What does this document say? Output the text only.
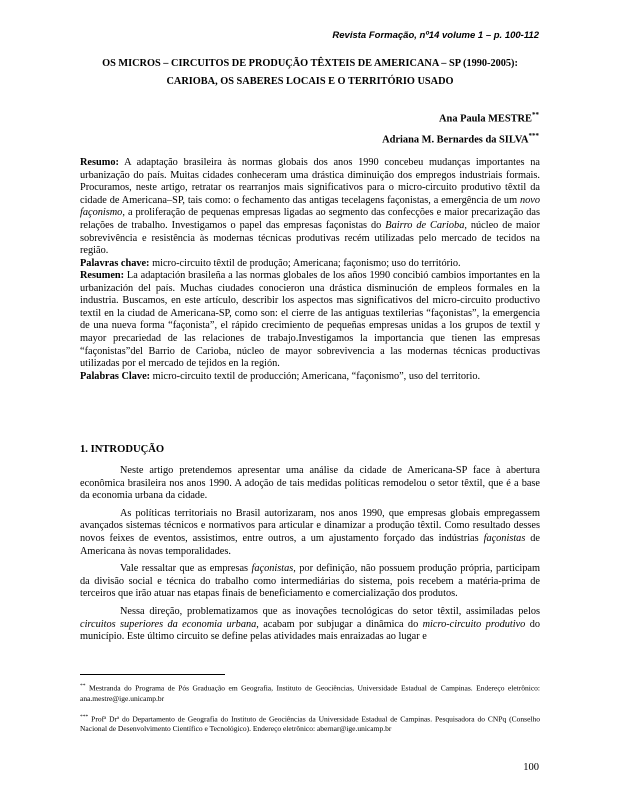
Revista Formação, nº14 volume 1 – p. 100-112
OS MICROS – CIRCUITOS DE PRODUÇÃO TÊXTEIS DE AMERICANA – SP (1990-2005): CARIOBA, OS SABERES LOCAIS E O TERRITÓRIO USADO
Ana Paula MESTRE**
Adriana M. Bernardes da SILVA***

Resumo: A adaptação brasileira às normas globais dos anos 1990 concebeu mudanças importantes na urbanização do país. Muitas cidades conheceram uma drástica diminuição dos empregos industriais formais. Procuramos, neste artigo, retratar os rearranjos mais significativos para o micro-circuito produtivo têxtil da cidade de Americana–SP, tais como: o fechamento das antigas tecelagens façonistas, a emergência de um novo façonismo, a proliferação de pequenas empresas ligadas ao segmento das confecções e maior precarização das relações de trabalho. Investigamos o papel das empresas façonistas do Bairro de Carioba, núcleo de maior sobrevivência e resistência às modernas técnicas produtivas recém utilizadas pelo mercado de tecidos na região.

Palavras chave: micro-circuito têxtil de produção; Americana; façonismo; uso do território.

Resumen: La adaptación brasileña a las normas globales de los años 1990 concibió cambios importantes en la urbanización del país. Muchas ciudades conocieron una drástica disminución de empleos formales en la industria. Buscamos, en este artículo, describir los aspectos mas significativos del micro-circuito productivo textil en la ciudad de Americana-SP, como son: el cierre de las antiguas textilerias “façonistas”, la emergencia de una nueva forma “façonista”, el rápido crecimiento de pequeñas empresas unidas a los grupos de textil y mayor precariedad de las relaciones de trabajo.Investigamos la importancia que tienen las empresas “façonistas”del Barrio de Carioba, núcleo de mayor sobrevivencia a las modernas técnicas productivas utilizadas por el mercado de tejidos en la región.

Palabras Clave: micro-circuito textil de producción; Americana, “façonismo”, uso del territorio.

1. INTRODUÇÃO

Neste artigo pretendemos apresentar uma análise da cidade de Americana-SP face à abertura econômica brasileira nos anos 1990. A adoção de tais medidas políticas remodelou o setor têxtil, que é a base da economia urbana da cidade.

As políticas territoriais no Brasil autorizaram, nos anos 1990, que empresas globais empregassem avançados sistemas técnicos e normativos para articular e dinamizar a produção têxtil. Como resultado desses novos feixes de eventos, assistimos, entre outros, a um ajustamento forçado das indústrias façonistas de Americana às novas temporalidades.

Vale ressaltar que as empresas façonistas, por definição, não possuem produção própria, participam da divisão social e técnica do trabalho como intermediárias do sistema, pois recebem a matéria-prima de terceiros que irão atuar nas etapas finais de beneficiamento e comercialização dos produtos.

Nessa direção, problematizamos que as inovações tecnológicas do setor têxtil, assimiladas pelos circuitos superiores da economia urbana, acabam por subjugar a dinâmica do micro-circuito produtivo do município. Este último circuito se define pelas atividades mais enraizadas ao lugar e

** Mestranda do Programa de Pós Graduação em Geografia, Instituto de Geociências, Universidade Estadual de Campinas. Endereço eletrônico: ana.mestre@ige.unicamp.br

*** Profª Drª do Departamento de Geografia do Instituto de Geociências da Universidade Estadual de Campinas. Pesquisadora do CNPq (Conselho Nacional de Desenvolvimento Científico e Tecnológico). Endereço eletrônico: abernar@ige.unicamp.br

100
